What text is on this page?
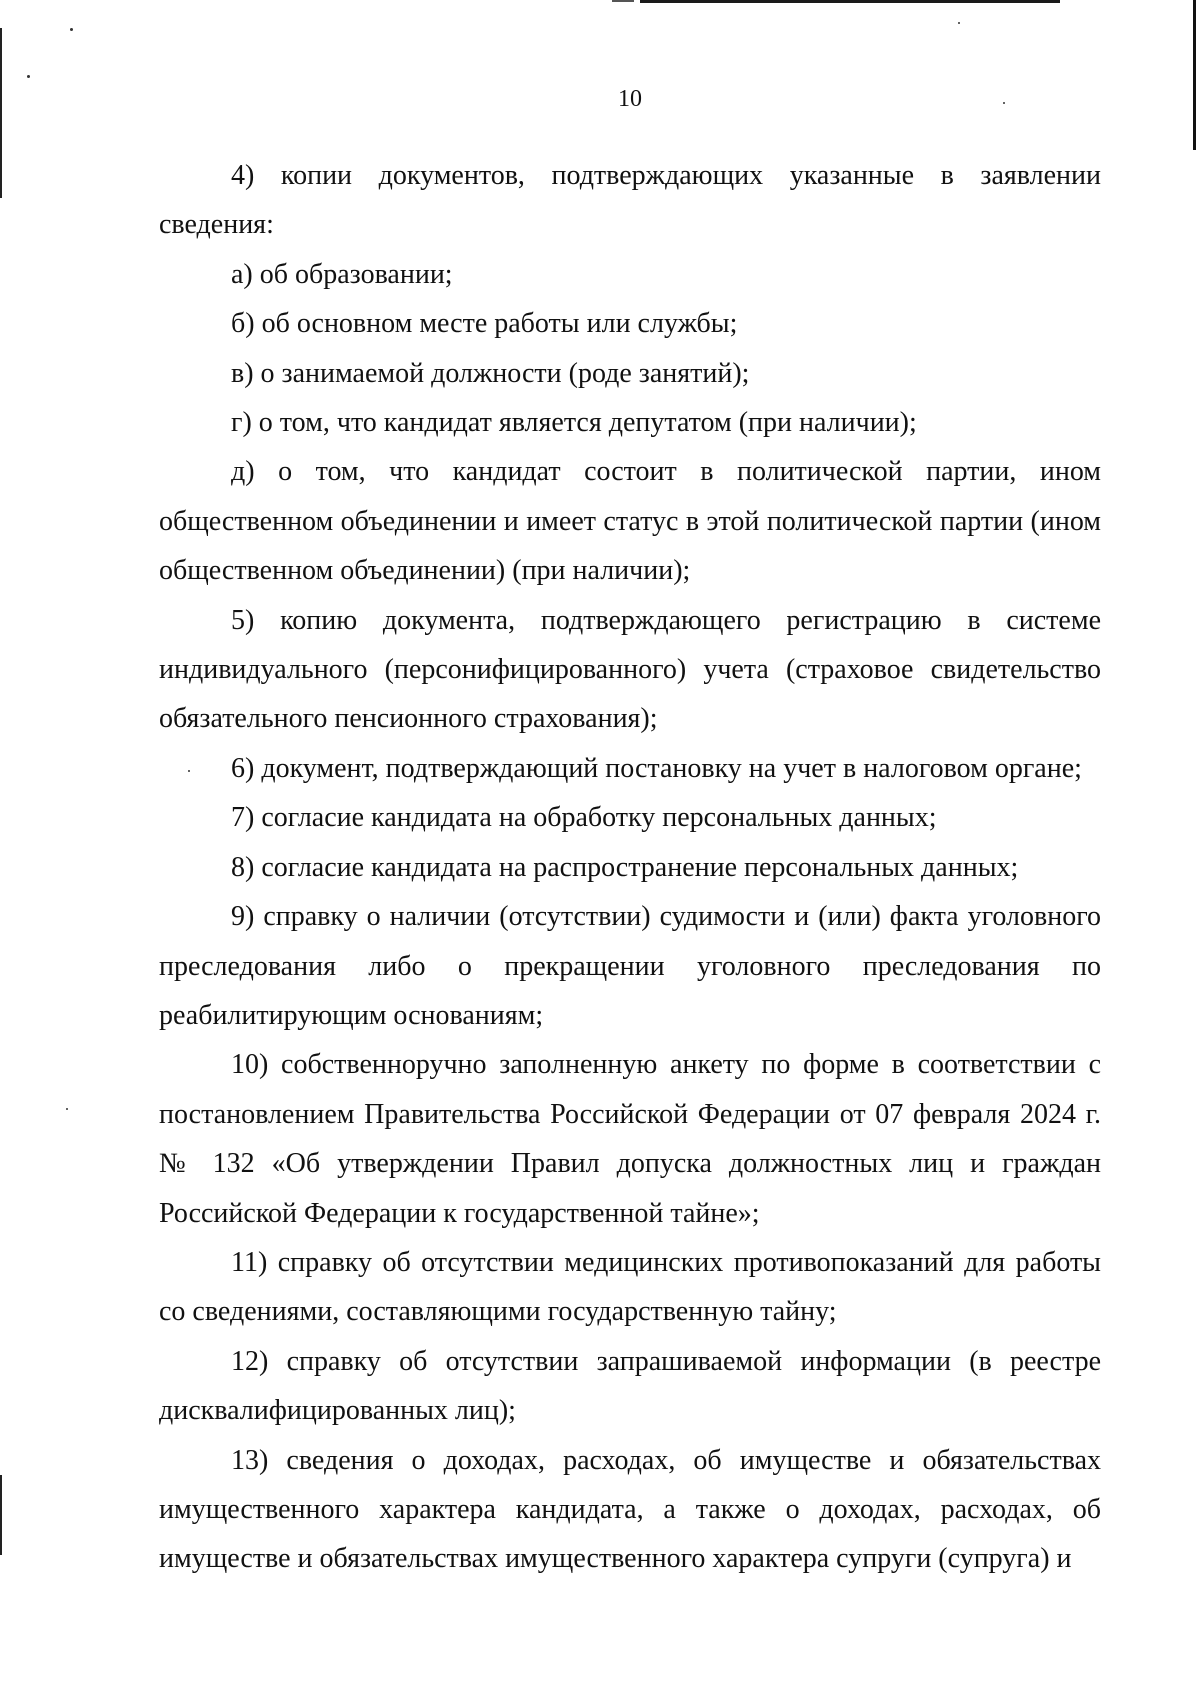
10

4) копии документов, подтверждающих указанные в заявлении сведения:

а) об образовании;

б) об основном месте работы или службы;

в) о занимаемой должности (роде занятий);

г) о том, что кандидат является депутатом (при наличии);

д) о том, что кандидат состоит в политической партии, ином общественном объединении и имеет статус в этой политической партии (ином общественном объединении) (при наличии);

5) копию документа, подтверждающего регистрацию в системе индивидуального (персонифицированного) учета (страховое свидетельство обязательного пенсионного страхования);

6) документ, подтверждающий постановку на учет в налоговом органе;

7) согласие кандидата на обработку персональных данных;

8) согласие кандидата на распространение персональных данных;

9) справку о наличии (отсутствии) судимости и (или) факта уголовного преследования либо о прекращении уголовного преследования по реабилитирующим основаниям;

10) собственноручно заполненную анкету по форме в соответствии с постановлением Правительства Российской Федерации от 07 февраля 2024 г. № 132 «Об утверждении Правил допуска должностных лиц и граждан Российской Федерации к государственной тайне»;

11) справку об отсутствии медицинских противопоказаний для работы со сведениями, составляющими государственную тайну;

12) справку об отсутствии запрашиваемой информации (в реестре дисквалифицированных лиц);

13) сведения о доходах, расходах, об имуществе и обязательствах имущественного характера кандидата, а также о доходах, расходах, об имуществе и обязательствах имущественного характера супруги (супруга) и
